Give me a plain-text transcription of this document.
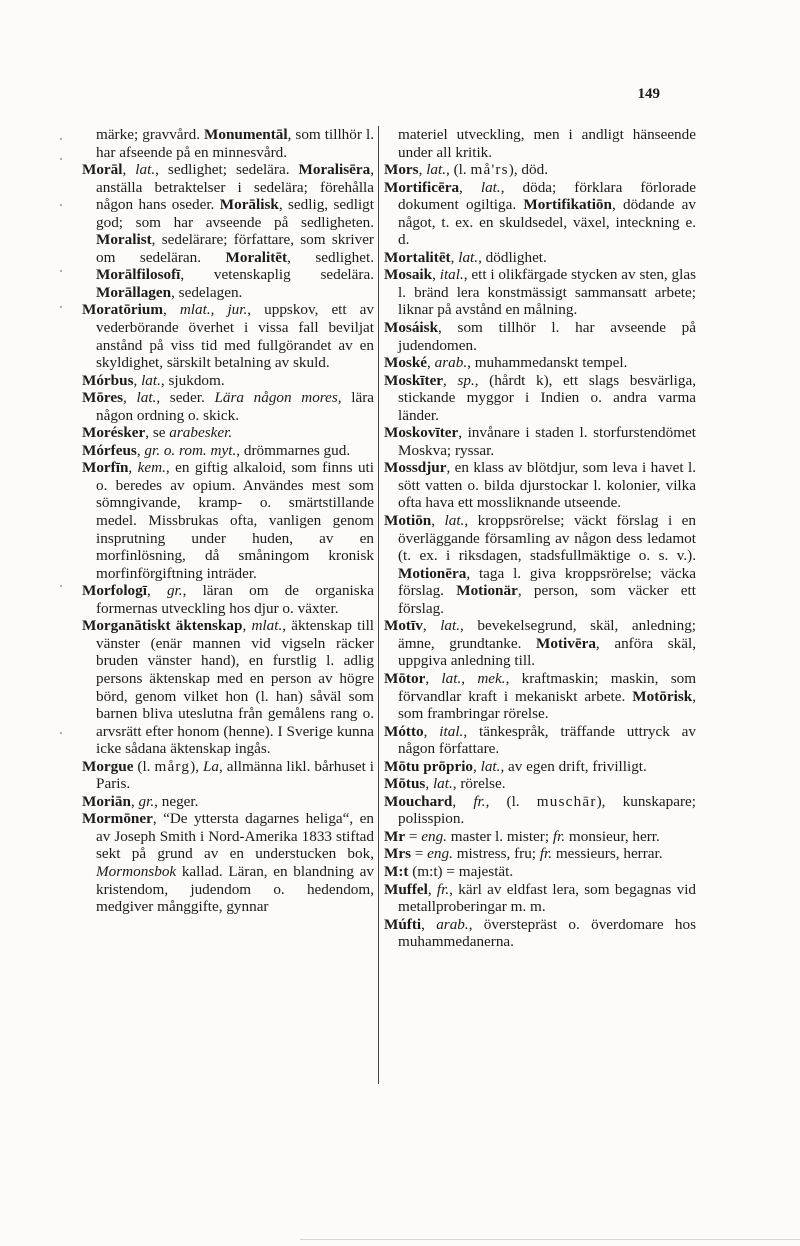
149

märke; gravvård. Monumentāl, som tillhör l. har afseende på en minnesvård.

Morāl, lat., sedlighet; sedelära. Moralisēra, anställa betraktelser i sedelära; förehålla någon hans oseder. Morālisk, sedlig, sedligt god; som har avseende på sedligheten. Moralist, sedelärare; författare, som skriver om sedeläran. Moralitēt, sedlighet. Morālfilosofī, vetenskaplig sedelära. Morāllagen, sedelagen.

Moratōrium, mlat., jur., uppskov, ett av vederbörande överhet i vissa fall beviljat anstånd på viss tid med fullgörandet av en skyldighet, särskilt betalning av skuld.

Mórbus, lat., sjukdom.

Mōres, lat., seder. Lära någon mores, lära någon ordning o. skick.

Morésker, se arabesker.

Mórfeus, gr. o. rom. myt., drömmarnes gud.

Morfīn, kem., en giftig alkaloid, som finns uti o. beredes av opium. Användes mest som sömngivande, kramp- o. smärtstillande medel. Missbrukas ofta, vanligen genom insprutning under huden, av en morfinlösning, då småningom kronisk morfinförgiftning inträder.

Morfologī, gr., läran om de organiska formernas utveckling hos djur o. växter.

Morganātiskt äktenskap, mlat., äktenskap till vänster (enär mannen vid vigseln räcker bruden vänster hand), en furstlig l. adlig persons äktenskap med en person av högre börd, genom vilket hon (l. han) såväl som barnen bliva uteslutna från gemålens rang o. arvsrätt efter honom (henne). I Sverige kunna icke sådana äktenskap ingås.

Morgue (l. mårg), La, allmänna likl. bårhuset i Paris.

Moriān, gr., neger.

Mormōner, “De yttersta dagarnes heliga“, en av Joseph Smith i Nord-Amerika 1833 stiftad sekt på grund av en understucken bok, Mormonsbok kallad. Läran, en blandning av kristendom, judendom o. hedendom, medgiver månggifte, gynnar

materiel utveckling, men i andligt hänseende under all kritik.

Mors, lat., (l. må'rs), död.

Mortificēra, lat., döda; förklara förlorade dokument ogiltiga. Mortifikatiōn, dödande av något, t. ex. en skuldsedel, växel, inteckning e. d.

Mortalitēt, lat., dödlighet.

Mosaik, ital., ett i olikfärgade stycken av sten, glas l. bränd lera konstmässigt sammansatt arbete; liknar på avstånd en målning.

Mosáisk, som tillhör l. har avseende på judendomen.

Moské, arab., muhammedanskt tempel.

Moskīter, sp., (hårdt k), ett slags besvärliga, stickande myggor i Indien o. andra varma länder.

Moskovīter, invånare i staden l. storfurstendömet Moskva; ryssar.

Mossdjur, en klass av blötdjur, som leva i havet l. sött vatten o. bilda djurstockar l. kolonier, vilka ofta hava ett mossliknande utseende.

Motiōn, lat., kroppsrörelse; väckt förslag i en överläggande församling av någon dess ledamot (t. ex. i riksdagen, stadsfullmäktige o. s. v.). Motionēra, taga l. giva kroppsrörelse; väcka förslag. Motionär, person, som väcker ett förslag.

Motīv, lat., bevekelsegrund, skäl, anledning; ämne, grundtanke. Motivēra, anföra skäl, uppgiva anledning till.

Mōtor, lat., mek., kraftmaskin; maskin, som förvandlar kraft i mekaniskt arbete. Motōrisk, som frambringar rörelse.

Mótto, ital., tänkespråk, träffande uttryck av någon författare.

Mōtu prōprio, lat., av egen drift, frivilligt.

Mōtus, lat., rörelse.

Mouchard, fr., (l. muschār), kunskapare; polisspion.

Mr = eng. master l. mister; fr. monsieur, herr.

Mrs = eng. mistress, fru; fr. messieurs, herrar.

M:t (m:t) = majestät.

Muffel, fr., kärl av eldfast lera, som begagnas vid metallproberingar m. m.

Múfti, arab., överstepräst o. överdomare hos muhammedanerna.
